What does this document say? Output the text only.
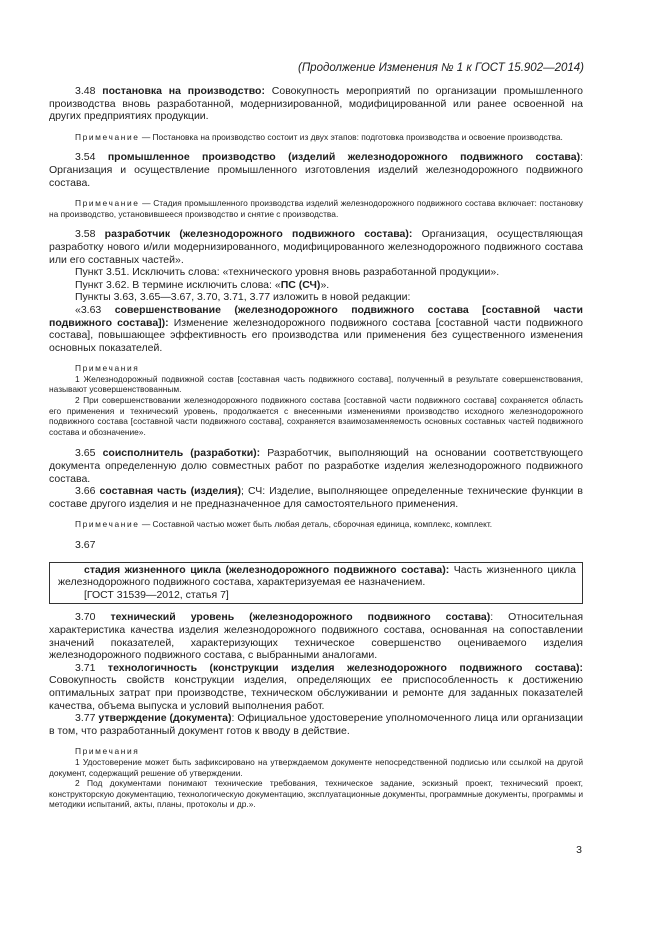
(Продолжение Изменения № 1 к ГОСТ 15.902—2014)

3.48 постановка на производство: Совокупность мероприятий по организации промышленного производства вновь разработанной, модернизированной, модифицированной или ранее освоенной на других предприятиях продукции.

Примечание — Постановка на производство состоит из двух этапов: подготовка производства и освоение производства.

3.54 промышленное производство (изделий железнодорожного подвижного состава): Организация и осуществление промышленного изготовления изделий железнодорожного подвижного состава.

Примечание — Стадия промышленного производства изделий железнодорожного подвижного состава включает: постановку на производство, установившееся производство и снятие с производства.

3.58 разработчик (железнодорожного подвижного состава): Организация, осуществляющая разработку нового и/или модернизированного, модифицированного железнодорожного подвижного состава или его составных частей».

Пункт 3.51. Исключить слова: «технического уровня вновь разработанной продукции».

Пункт 3.62. В термине исключить слова: «ПС (СЧ)».

Пункты 3.63, 3.65—3.67, 3.70, 3.71, 3.77 изложить в новой редакции:

«3.63 совершенствование (железнодорожного подвижного состава [составной части подвижного состава]): Изменение железнодорожного подвижного состава [составной части подвижного состава], повышающее эффективность его производства или применения без существенного изменения основных показателей.

Примечания

1 Железнодорожный подвижной состав [составная часть подвижного состава], полученный в результате совершенствования, называют усовершенствованным.

2 При совершенствовании железнодорожного подвижного состава [составной части подвижного состава] сохраняется область его применения и технический уровень, продолжается с внесенными изменениями производство исходного железнодорожного подвижного состава [составной части подвижного состава], сохраняется взаимозаменяемость основных составных частей подвижного состава и обозначение».

3.65 соисполнитель (разработки): Разработчик, выполняющий на основании соответствующего документа определенную долю совместных работ по разработке изделия железнодорожного подвижного состава.

3.66 составная часть (изделия); СЧ: Изделие, выполняющее определенные технические функции в составе другого изделия и не предназначенное для самостоятельного применения.

Примечание — Составной частью может быть любая деталь, сборочная единица, комплекс, комплект.

3.67

стадия жизненного цикла (железнодорожного подвижного состава): Часть жизненного цикла железнодорожного подвижного состава, характеризуемая ее назначением.

[ГОСТ 31539—2012, статья 7]

3.70 технический уровень (железнодорожного подвижного состава): Относительная характеристика качества изделия железнодорожного подвижного состава, основанная на сопоставлении значений показателей, характеризующих техническое совершенство оцениваемого изделия железнодорожного подвижного состава, с выбранными аналогами.

3.71 технологичность (конструкции изделия железнодорожного подвижного состава): Совокупность свойств конструкции изделия, определяющих ее приспособленность к достижению оптимальных затрат при производстве, техническом обслуживании и ремонте для заданных показателей качества, объема выпуска и условий выполнения работ.

3.77 утверждение (документа): Официальное удостоверение уполномоченного лица или организации в том, что разработанный документ готов к вводу в действие.

Примечания

1 Удостоверение может быть зафиксировано на утверждаемом документе непосредственной подписью или ссылкой на другой документ, содержащий решение об утверждении.

2 Под документами понимают технические требования, техническое задание, эскизный проект, технический проект, конструкторскую документацию, технологическую документацию, эксплуатационные документы, программные документы, программы и методики испытаний, акты, планы, протоколы и др.».

3
